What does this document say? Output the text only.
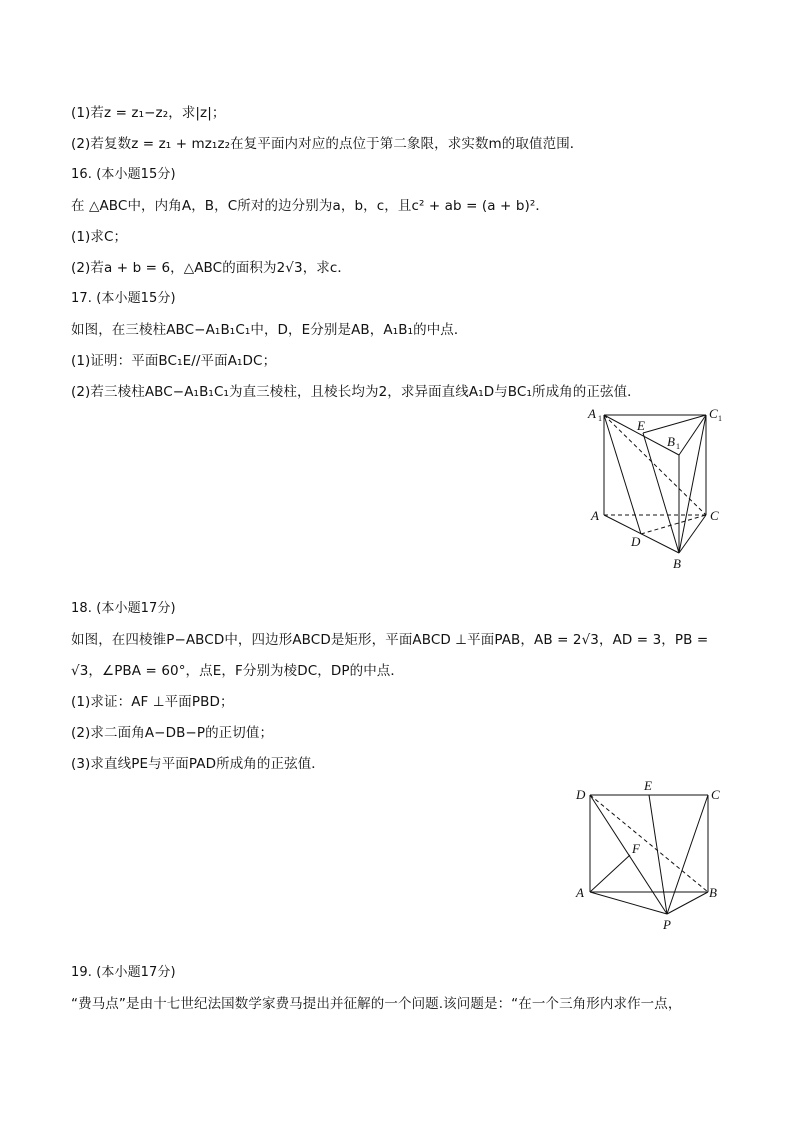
(1)若z = z₁−z₂，求|z|；
(2)若复数z = z₁ + mz₁z₂在复平面内对应的点位于第二象限，求实数m的取值范围．
16. (本小题15分)
在 △ABC中，内角A，B，C所对的边分别为a，b，c，且c² + ab = (a + b)²．
(1)求C；
(2)若a + b = 6，△ABC的面积为2√3，求c．
17. (本小题15分)
如图，在三棱柱ABC−A₁B₁C₁中，D，E分别是AB，A₁B₁的中点．
(1)证明：平面BC₁E//平面A₁DC；
(2)若三棱柱ABC−A₁B₁C₁为直三棱柱，且棱长均为2，求异面直线A₁D与BC₁所成角的正弦值．
18. (本小题17分)
如图，在四棱锥P−ABCD中，四边形ABCD是矩形，平面ABCD ⊥平面PAB，AB = 2√3，AD = 3，PB =
√3，∠PBA = 60°，点E，F分别为棱DC，DP的中点．
(1)求证：AF ⊥平面PBD；
(2)求二面角A−DB−P的正切值；
(3)求直线PE与平面PAD所成角的正弦值．
19. (本小题17分)
“费马点”是由十七世纪法国数学家费马提出并征解的一个问题.该问题是：“在一个三角形内求作一点，
A 1	E
B 1
C 1
A	C
D
B
D
E
C
F
A	B
P
